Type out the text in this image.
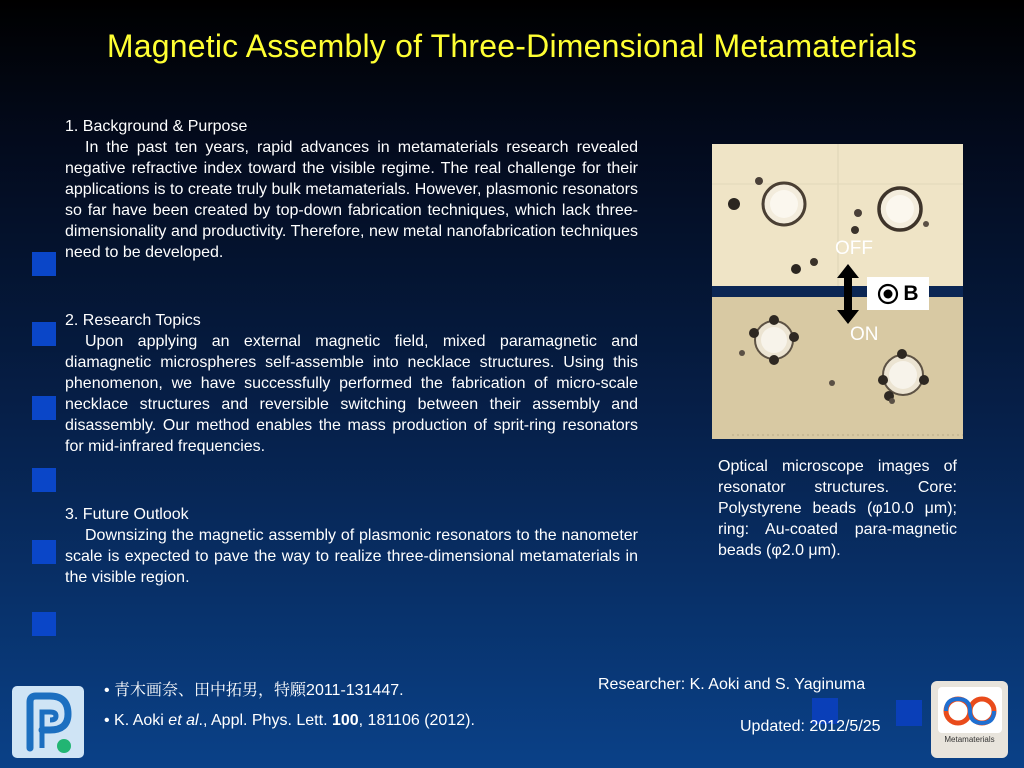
Magnetic Assembly of Three-Dimensional Metamaterials
1. Background & Purpose
In the past ten years, rapid advances in metamaterials research revealed negative refractive index toward the visible regime. The real challenge for their applications is to create truly bulk metamaterials. However, plasmonic resonators so far have been created by top-down fabrication techniques, which lack three-dimensionality and productivity. Therefore, new metal nanofabrication techniques need to be developed.
2. Research Topics
Upon applying an external magnetic field, mixed paramagnetic and diamagnetic microspheres self-assemble into necklace structures. Using this phenomenon, we have successfully performed the fabrication of micro-scale necklace structures and reversible switching between their assembly and disassembly. Our method enables the mass production of sprit-ring resonators for mid-infrared frequencies.
3. Future Outlook
Downsizing the magnetic assembly of plasmonic resonators to the nanometer scale is expected to pave the way to realize three-dimensional metamaterials in the visible region.
OFF
ON
B
Optical microscope images of resonator structures. Core: Polystyrene beads (φ10.0 μm); ring: Au-coated para-magnetic beads (φ2.0 μm).
• 青木画奈、田中拓男，特願2011-131447.
• K. Aoki et al., Appl. Phys. Lett. 100, 181106 (2012).
Researcher: K. Aoki and S. Yaginuma
Updated: 2012/5/25
Metamaterials
